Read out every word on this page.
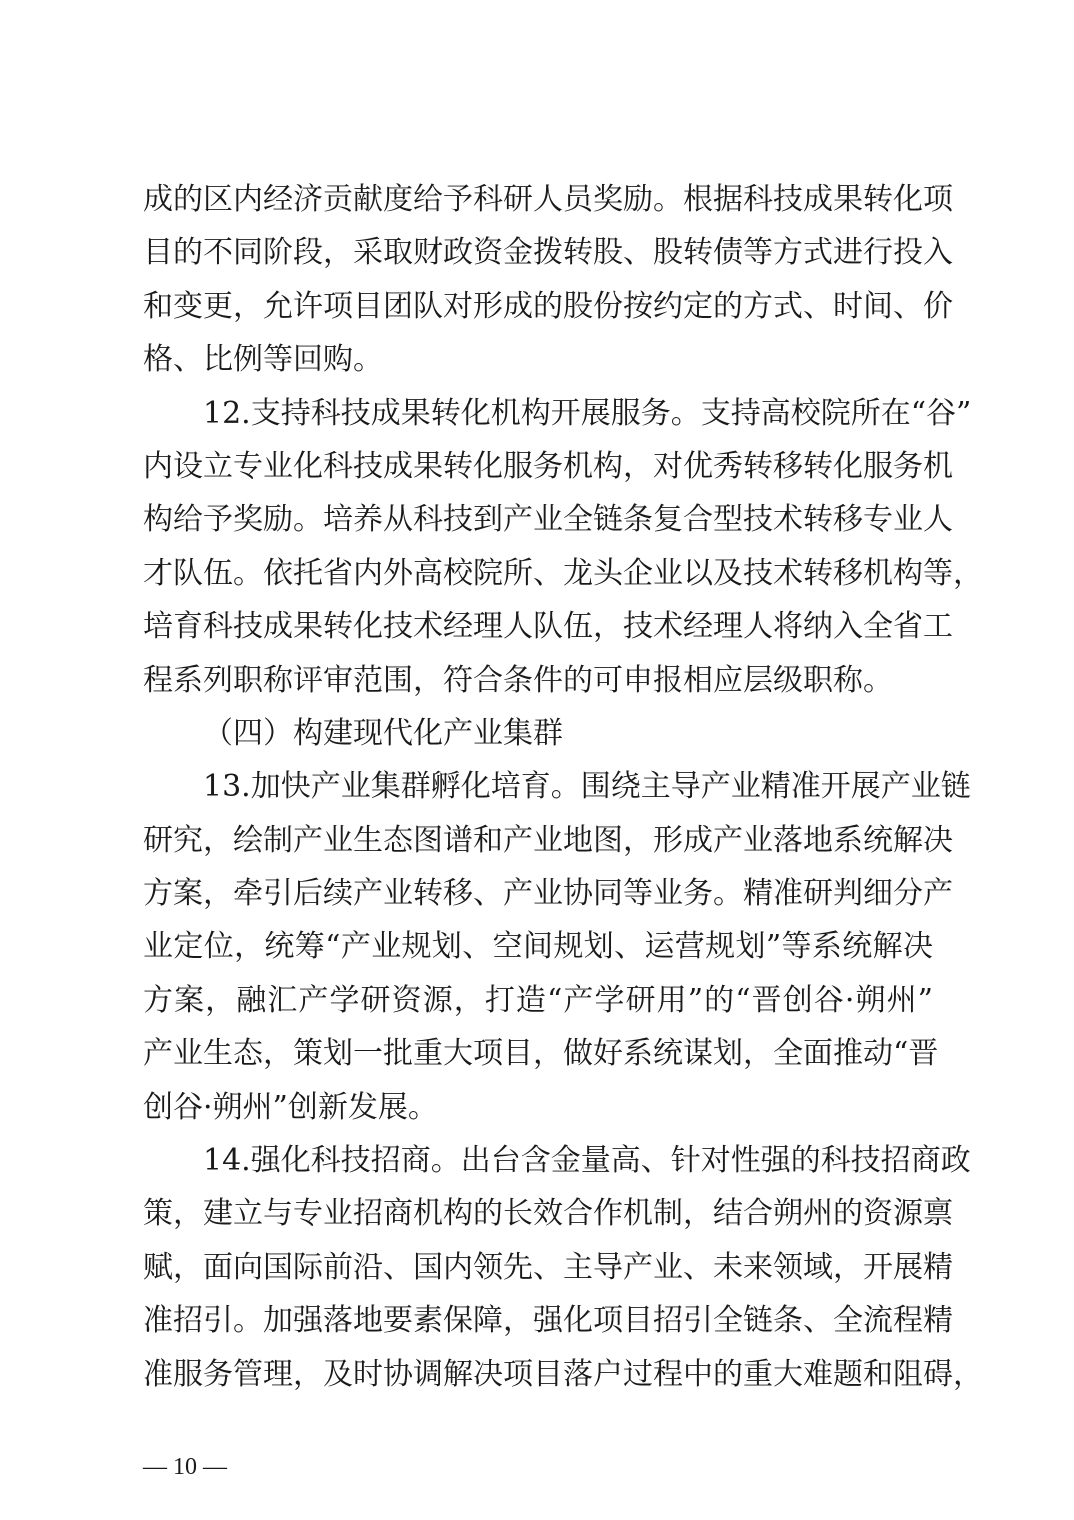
成的区内经济贡献度给予科研人员奖励。根据科技成果转化项
目的不同阶段，采取财政资金拨转股、股转债等方式进行投入
和变更，允许项目团队对形成的股份按约定的方式、时间、价
格、比例等回购。
12.支持科技成果转化机构开展服务。支持高校院所在“谷”
内设立专业化科技成果转化服务机构，对优秀转移转化服务机
构给予奖励。培养从科技到产业全链条复合型技术转移专业人
才队伍。依托省内外高校院所、龙头企业以及技术转移机构等，
培育科技成果转化技术经理人队伍，技术经理人将纳入全省工
程系列职称评审范围，符合条件的可申报相应层级职称。
（四）构建现代化产业集群
13.加快产业集群孵化培育。围绕主导产业精准开展产业链
研究，绘制产业生态图谱和产业地图，形成产业落地系统解决
方案，牵引后续产业转移、产业协同等业务。精准研判细分产
业定位，统筹“产业规划、空间规划、运营规划”等系统解决
方案，融汇产学研资源，打造“产学研用”的“晋创谷·朔州”
产业生态，策划一批重大项目，做好系统谋划，全面推动“晋
创谷·朔州”创新发展。
14.强化科技招商。出台含金量高、针对性强的科技招商政
策，建立与专业招商机构的长效合作机制，结合朔州的资源禀
赋，面向国际前沿、国内领先、主导产业、未来领域，开展精
准招引。加强落地要素保障，强化项目招引全链条、全流程精
准服务管理，及时协调解决项目落户过程中的重大难题和阻碍，
— 10 —
